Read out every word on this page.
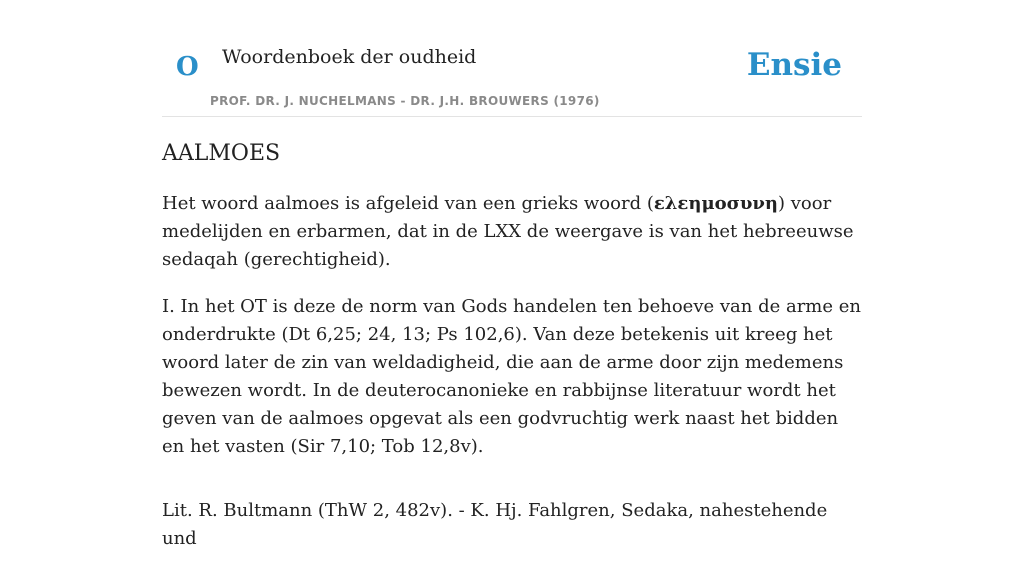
O Woordenboek der oudheid
PROF. DR. J. NUCHELMANS - DR. J.H. BROUWERS (1976)
Ensie
AALMOES

Het woord aalmoes is afgeleid van een grieks woord (ελεημοσυνη) voor medelijden en erbarmen, dat in de LXX de weergave is van het hebreeuwse sedaqah (gerechtigheid).

I. In het OT is deze de norm van Gods handelen ten behoeve van de arme en onderdrukte (Dt 6,25; 24, 13; Ps 102,6). Van deze betekenis uit kreeg het woord later de zin van weldadigheid, die aan de arme door zijn medemens bewezen wordt. In de deuterocanonieke en rabbijnse literatuur wordt het geven van de aalmoes opgevat als een godvruchtig werk naast het bidden en het vasten (Sir 7,10; Tob 12,8v).

Lit. R. Bultmann (ThW 2, 482v). - K. Hj. Fahlgren, Sedaka, nahestehende und
